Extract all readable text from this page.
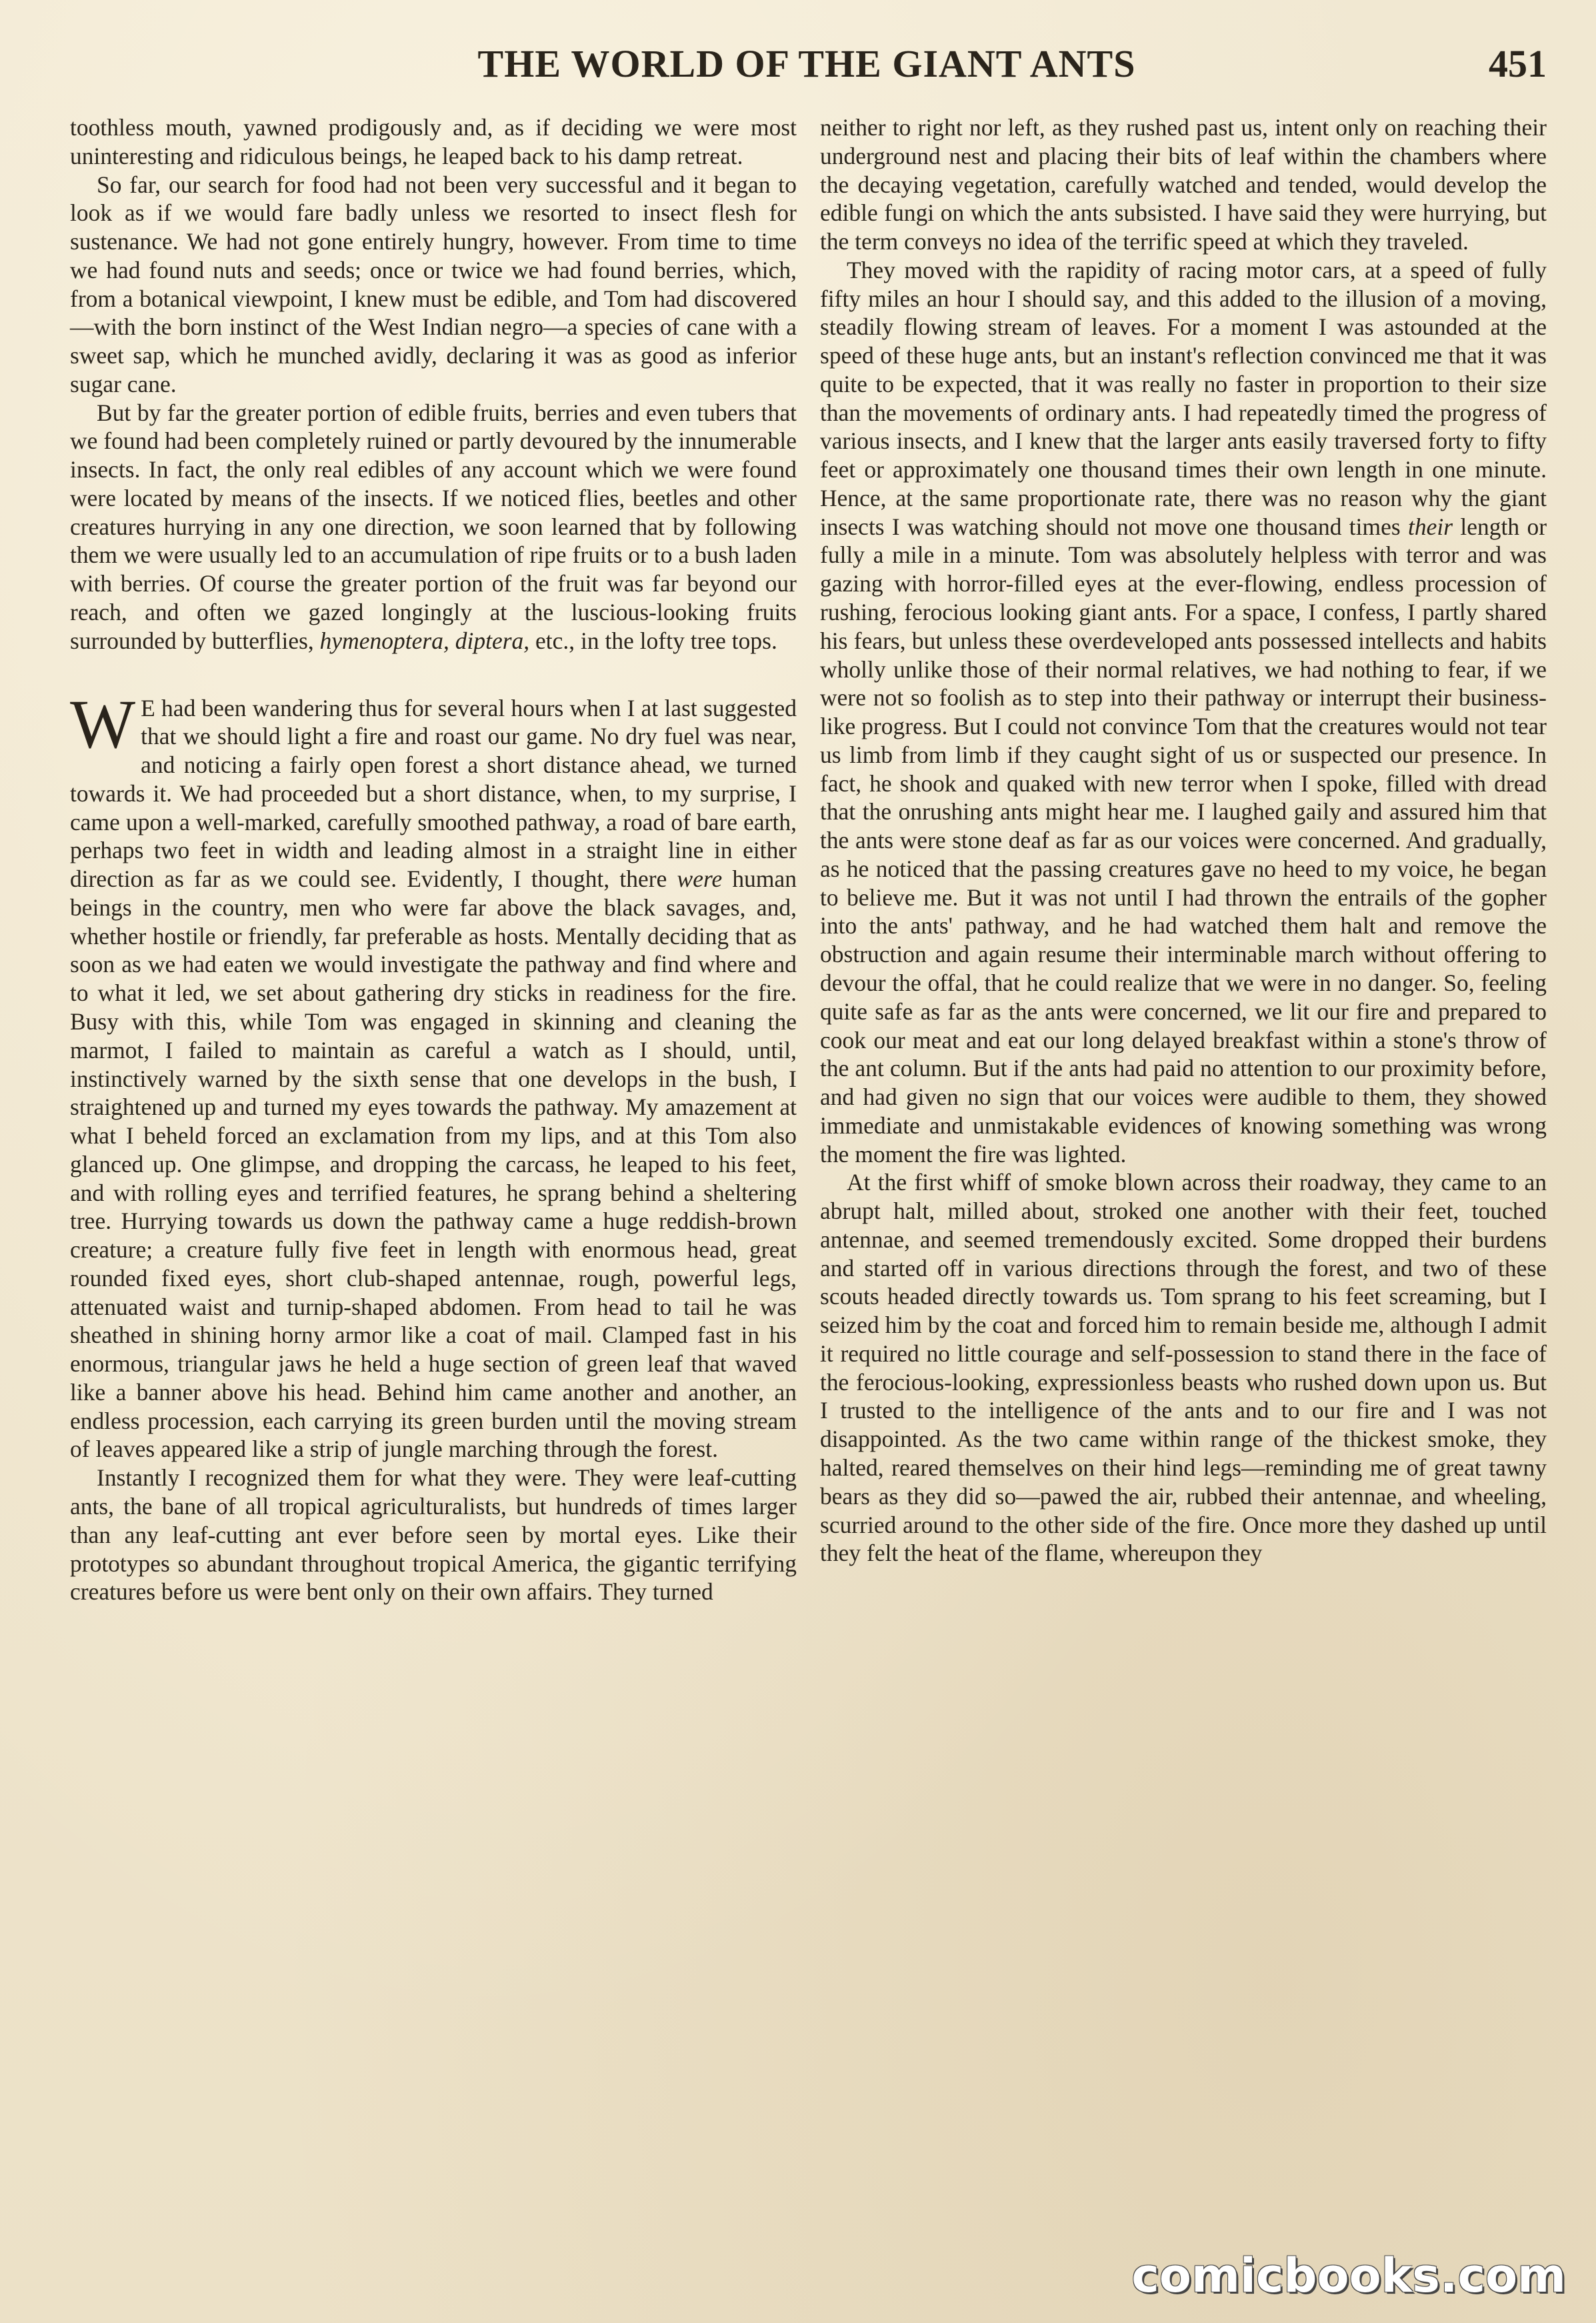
THE WORLD OF THE GIANT ANTS	451

toothless mouth, yawned prodigously and, as if deciding we were most uninteresting and ridiculous beings, he leaped back to his damp retreat.

So far, our search for food had not been very successful and it began to look as if we would fare badly unless we resorted to insect flesh for sustenance. We had not gone entirely hungry, however. From time to time we had found nuts and seeds; once or twice we had found berries, which, from a botanical viewpoint, I knew must be edible, and Tom had discovered—with the born instinct of the West Indian negro—a species of cane with a sweet sap, which he munched avidly, declaring it was as good as inferior sugar cane.

But by far the greater portion of edible fruits, berries and even tubers that we found had been completely ruined or partly devoured by the innumerable insects. In fact, the only real edibles of any account which we were found were located by means of the insects. If we noticed flies, beetles and other creatures hurrying in any one direction, we soon learned that by following them we were usually led to an accumulation of ripe fruits or to a bush laden with berries. Of course the greater portion of the fruit was far beyond our reach, and often we gazed longingly at the luscious-looking fruits surrounded by butterflies, hymenoptera, diptera, etc., in the lofty tree tops.

W E had been wandering thus for several hours when I at last suggested that we should light a fire and roast our game. No dry fuel was near, and noticing a fairly open forest a short distance ahead, we turned towards it. We had proceeded but a short distance, when, to my surprise, I came upon a well-marked, carefully smoothed pathway, a road of bare earth, perhaps two feet in width and leading almost in a straight line in either direction as far as we could see. Evidently, I thought, there were human beings in the country, men who were far above the black savages, and, whether hostile or friendly, far preferable as hosts. Mentally deciding that as soon as we had eaten we would investigate the pathway and find where and to what it led, we set about gathering dry sticks in readiness for the fire. Busy with this, while Tom was engaged in skinning and cleaning the marmot, I failed to maintain as careful a watch as I should, until, instinctively warned by the sixth sense that one develops in the bush, I straightened up and turned my eyes towards the pathway. My amazement at what I beheld forced an exclamation from my lips, and at this Tom also glanced up. One glimpse, and dropping the carcass, he leaped to his feet, and with rolling eyes and terrified features, he sprang behind a sheltering tree. Hurrying towards us down the pathway came a huge reddish-brown creature; a creature fully five feet in length with enormous head, great rounded fixed eyes, short club-shaped antennae, rough, powerful legs, attenuated waist and turnip-shaped abdomen. From head to tail he was sheathed in shining horny armor like a coat of mail. Clamped fast in his enormous, triangular jaws he held a huge section of green leaf that waved like a banner above his head. Behind him came another and another, an endless procession, each carrying its green burden until the moving stream of leaves appeared like a strip of jungle marching through the forest.

Instantly I recognized them for what they were. They were leaf-cutting ants, the bane of all tropical agriculturalists, but hundreds of times larger than any leaf-cutting ant ever before seen by mortal eyes. Like their prototypes so abundant throughout tropical America, the gigantic terrifying creatures before us were bent only on their own affairs. They turned

neither to right nor left, as they rushed past us, intent only on reaching their underground nest and placing their bits of leaf within the chambers where the decaying vegetation, carefully watched and tended, would develop the edible fungi on which the ants subsisted. I have said they were hurrying, but the term conveys no idea of the terrific speed at which they traveled.

They moved with the rapidity of racing motor cars, at a speed of fully fifty miles an hour I should say, and this added to the illusion of a moving, steadily flowing stream of leaves. For a moment I was astounded at the speed of these huge ants, but an instant's reflection convinced me that it was quite to be expected, that it was really no faster in proportion to their size than the movements of ordinary ants. I had repeatedly timed the progress of various insects, and I knew that the larger ants easily traversed forty to fifty feet or approximately one thousand times their own length in one minute. Hence, at the same proportionate rate, there was no reason why the giant insects I was watching should not move one thousand times their length or fully a mile in a minute. Tom was absolutely helpless with terror and was gazing with horror-filled eyes at the ever-flowing, endless procession of rushing, ferocious looking giant ants. For a space, I confess, I partly shared his fears, but unless these overdeveloped ants possessed intellects and habits wholly unlike those of their normal relatives, we had nothing to fear, if we were not so foolish as to step into their pathway or interrupt their business-like progress. But I could not convince Tom that the creatures would not tear us limb from limb if they caught sight of us or suspected our presence. In fact, he shook and quaked with new terror when I spoke, filled with dread that the onrushing ants might hear me. I laughed gaily and assured him that the ants were stone deaf as far as our voices were concerned. And gradually, as he noticed that the passing creatures gave no heed to my voice, he began to believe me. But it was not until I had thrown the entrails of the gopher into the ants' pathway, and he had watched them halt and remove the obstruction and again resume their interminable march without offering to devour the offal, that he could realize that we were in no danger. So, feeling quite safe as far as the ants were concerned, we lit our fire and prepared to cook our meat and eat our long delayed breakfast within a stone's throw of the ant column. But if the ants had paid no attention to our proximity before, and had given no sign that our voices were audible to them, they showed immediate and unmistakable evidences of knowing something was wrong the moment the fire was lighted.

At the first whiff of smoke blown across their roadway, they came to an abrupt halt, milled about, stroked one another with their feet, touched antennae, and seemed tremendously excited. Some dropped their burdens and started off in various directions through the forest, and two of these scouts headed directly towards us. Tom sprang to his feet screaming, but I seized him by the coat and forced him to remain beside me, although I admit it required no little courage and self-possession to stand there in the face of the ferocious-looking, expressionless beasts who rushed down upon us. But I trusted to the intelligence of the ants and to our fire and I was not disappointed. As the two came within range of the thickest smoke, they halted, reared themselves on their hind legs—reminding me of great tawny bears as they did so—pawed the air, rubbed their antennae, and wheeling, scurried around to the other side of the fire. Once more they dashed up until they felt the heat of the flame, whereupon they

comicbooks.com
